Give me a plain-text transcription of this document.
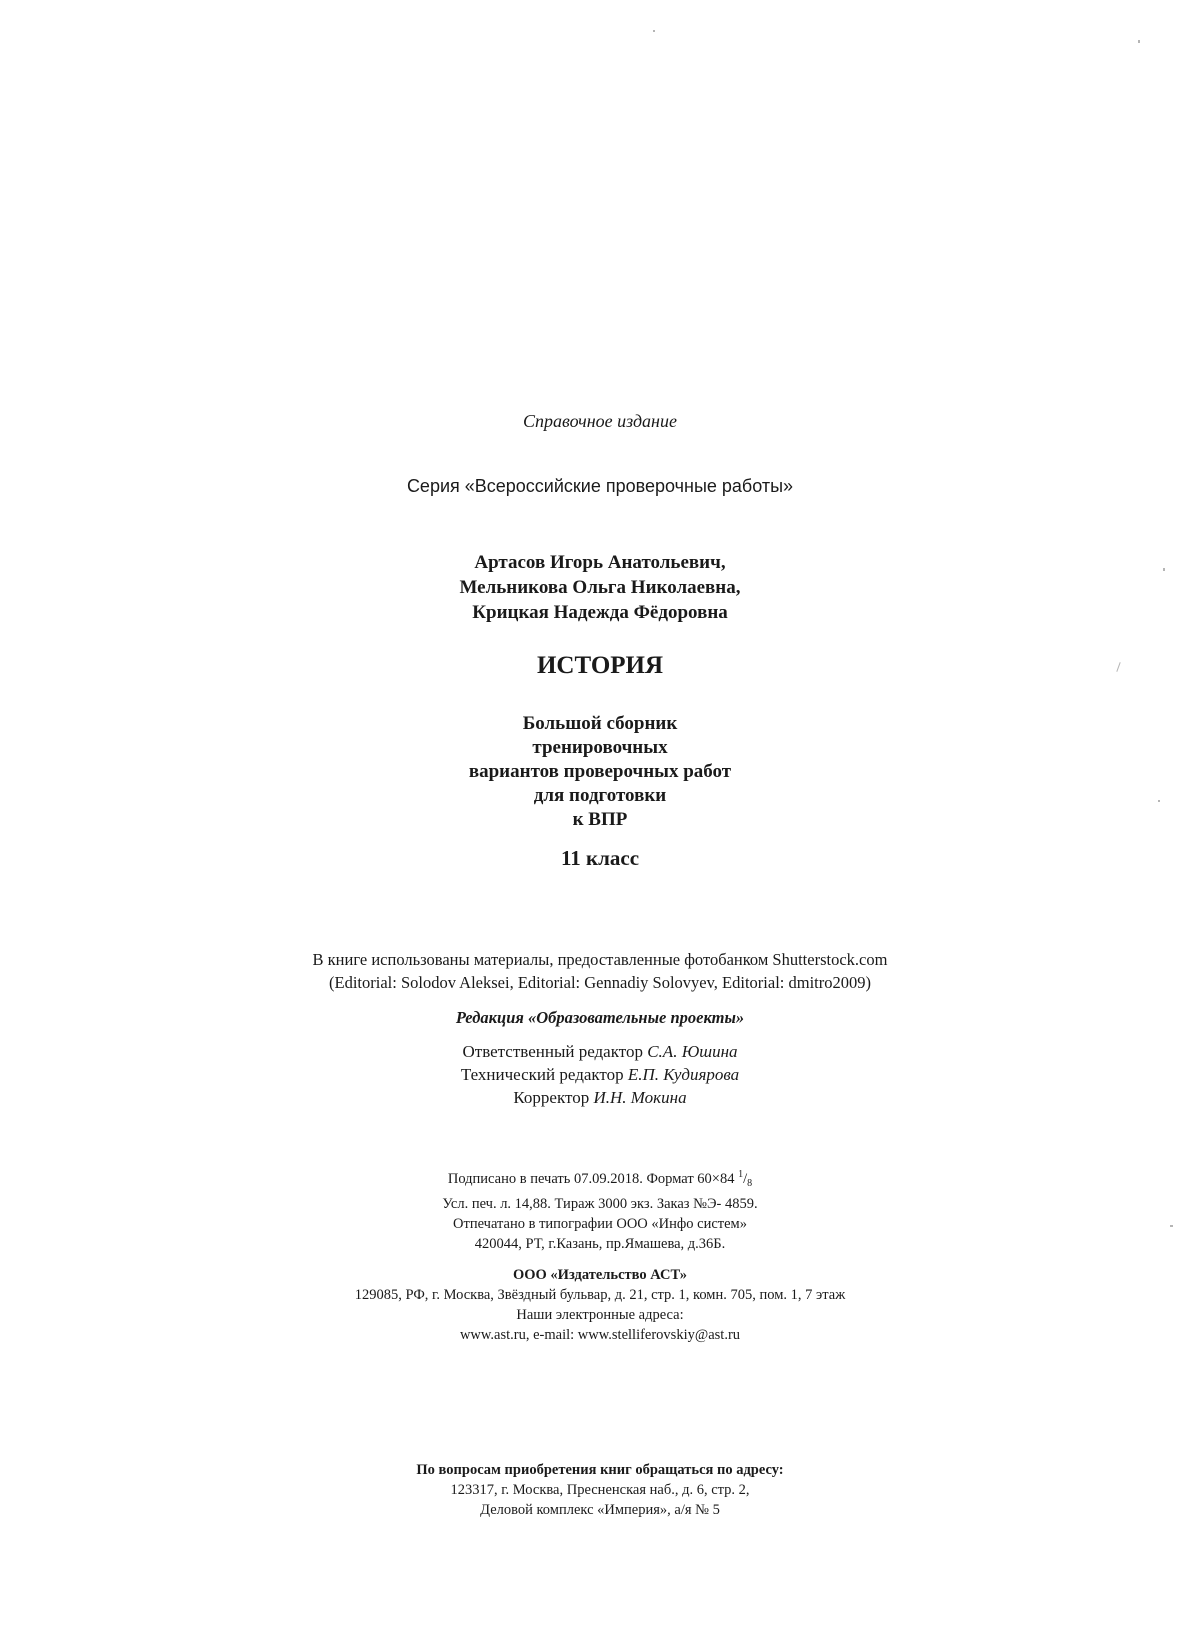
Справочное издание
Серия «Всероссийские проверочные работы»
Артасов Игорь Анатольевич,
Мельникова Ольга Николаевна,
Крицкая Надежда Фёдоровна
ИСТОРИЯ
Большой сборник
тренировочных
вариантов проверочных работ
для подготовки
к ВПР
11 класс
В книге использованы материалы, предоставленные фотобанком Shutterstock.com
(Editorial: Solodov Aleksei, Editorial: Gennadiy Solovyev, Editorial: dmitro2009)
Редакция «Образовательные проекты»
Ответственный редактор С.А. Юшина
Технический редактор Е.П. Кудиярова
Корректор И.Н. Мокина
Подписано в печать 07.09.2018. Формат 60×84 $^1/_8$
Усл. печ. л. 14,88. Тираж 3000 экз. Заказ №Э- 4859.
Отпечатано в типографии ООО «Инфо систем»
420044, РТ, г.Казань, пр.Ямашева, д.36Б.
ООО «Издательство АСТ»
129085, РФ, г. Москва, Звёздный бульвар, д. 21, стр. 1, комн. 705, пом. 1, 7 этаж
Наши электронные адреса:
www.ast.ru, e-mail: www.stelliferovskiy@ast.ru
По вопросам приобретения книг обращаться по адресу:
123317, г. Москва, Пресненская наб., д. 6, стр. 2,
Деловой комплекс «Империя», а/я № 5
